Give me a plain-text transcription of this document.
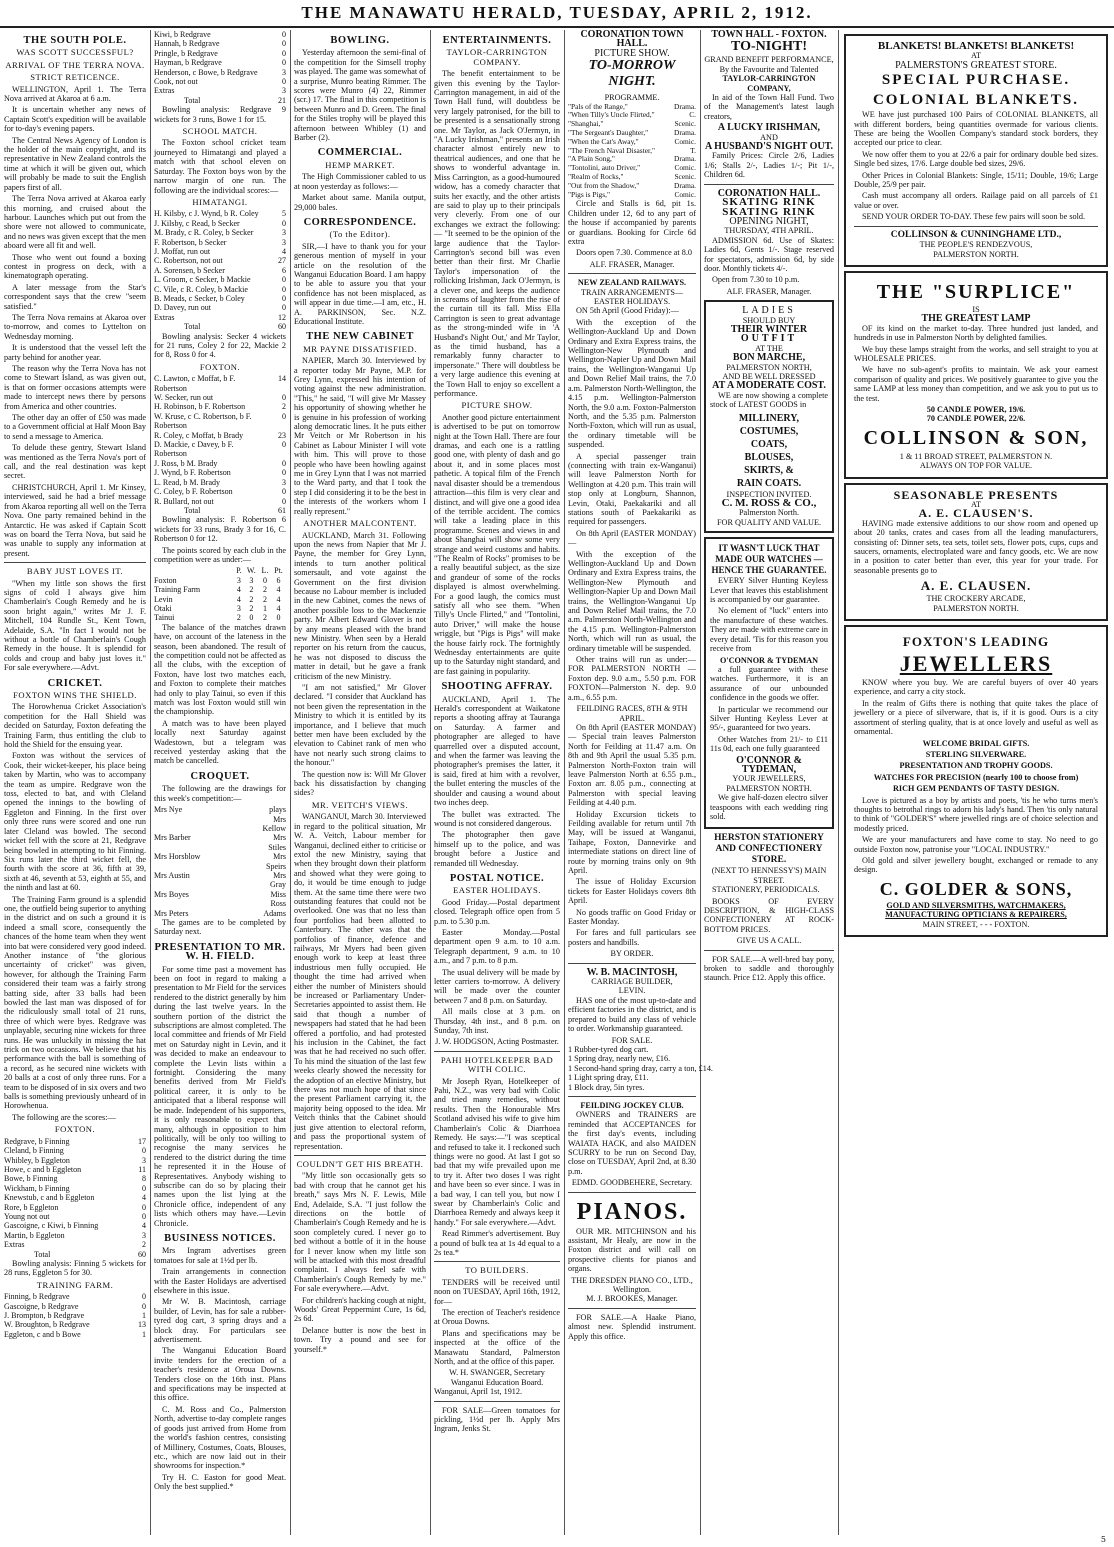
THE MANAWATU HERALD, TUESDAY, APRIL 2, 1912.
THE SOUTH POLE.
WAS SCOTT SUCCESSFUL?
ARRIVAL OF THE TERRA NOVA.
STRICT RETICENCE.

WELLINGTON, April 1. The Terra Nova arrived at Akaroa at 6 a.m.

It is uncertain whether any news of Captain Scott's expedition will be available for to-day's evening papers.

The Central News Agency of London is the holder of the main copyright, and its representative in New Zealand controls the time at which it will be given out, which will probably be made to suit the English papers first of all.

The Terra Nova arrived at Akaroa early this morning, and cruised about the harbour. Launches which put out from the shore were not allowed to communicate, and no news was given except that the men aboard were all fit and well.

Those who went out found a boxing contest in progress on deck, with a kinematograph operating.

A later message from the Star's correspondent says that the crew "seem satisfied."

The Terra Nova remains at Akaroa over to-morrow, and comes to Lyttelton on Wednesday morning.

It is understood that the vessel left the party behind for another year.

The reason why the Terra Nova has not come to Stewart Island, as was given out, is that on former occasions attempts were made to intercept news there by persons from America and other countries.

The other day an offer of £50 was made to a Government official at Half Moon Bay to send a message to America.

To delude these gentry, Stewart Island was mentioned as the Terra Nova's port of call, and the real destination was kept secret.

CHRISTCHURCH, April 1. Mr Kinsey, interviewed, said he had a brief message from Akaroa reporting all well on the Terra Nova. One party remained behind in the Antarctic. He was asked if Captain Scott was on board the Terra Nova, but said he was unable to supply any information at present.

BABY JUST LOVES IT.

"When my little son shows the first signs of cold I always give him Chamberlain's Cough Remedy and he is soon bright again," writes Mr J. F. Mitchell, 104 Rundle St., Kent Town, Adelaide, S.A. "In fact I would not be without a bottle of Chamberlain's Cough Remedy in the house. It is splendid for colds and croup and baby just loves it." For sale everywhere.—Advt.

CRICKET.
FOXTON WINS THE SHIELD.

The Horowhenua Cricket Association's competition for the Hall Shield was decided on Saturday, Foxton defeating the Training Farm, thus entitling the club to hold the Shield for the ensuing year.

Foxton was without the services of Cook, their wicket-keeper, his place being taken by Martin, who was to accompany the team as umpire. Redgrave won the toss, elected to bat, and with Cleland opened the innings to the bowling of Eggleton and Finning. In the first over only three runs were scored and one run later Cleland was bowled. The second wicket fell with the score at 21, Redgrave being bowled in attempting to hit Finning. Six runs later the third wicket fell, the fourth with the score at 36, fifth at 39, sixth at 46, seventh at 53, eighth at 55, and the ninth and last at 60.

The Training Farm ground is a splendid one, the outfield being superior to anything in the district and on such a ground it is indeed a small score, consequently the chances of the home team when they went into bat were considered very good indeed. Another instance of "the glorious uncertainty of cricket" was given, however, for although the Training Farm considered their team was a fairly strong batting side, after 33 balls had been bowled the last man was disposed of for the ridiculously small total of 21 runs, three of which were byes. Redgrave was unplayable, securing nine wickets for three runs. He was unluckily in missing the hat trick on two occasions. We believe that his performance with the ball is something of a record, as he secured nine wickets with 20 balls at a cost of only three runs. For a team to be disposed of in six overs and two balls is something previously unheard of in Horowhenua.

The following are the scores:—

FOXTON.
Redgrave, b Finning	17
Cleland, b Finning	0
Whibley, b Eggleton	3
Howe, c and b Eggleton	11
Bowe, b Finning	8
Wickham, b Finning	0
Knewstub, c and b Eggleton	4
Rore, b Eggleton	0
Young not out	0
Gascoigne, c Kiwi, b Finning	4
Martin, b Eggleton	3
Extras	2
Total	60

Bowling analysis: Finning 5 wickets for 28 runs, Eggleton 5 for 30.

TRAINING FARM.
Finning, b Redgrave	0
Gascoigne, b Redgrave	0
J. Brompton, b Redgrave	1
W. Broughton, b Redgrave	13
Eggleton, c and b Bowe	1
Kiwi, b Redgrave	0
Hannah, b Redgrave	0
Pringle, b Redgrave	0
Hayman, b Redgrave	0
Henderson, c Bowe, b Redgrave	3
Cook, not out	0
Extras	3
Total	21

Bowling analysis: Redgrave 9 wickets for 3 runs, Bowe 1 for 15.

SCHOOL MATCH.

The Foxton school cricket team journeyed to Himatangi and played a match with that school eleven on Saturday. The Foxton boys won by the narrow margin of one run. The following are the individual scores:—

HIMATANGI.
H. Kilsby, c J. Wynd, b R. Coley	5
J. Kilsby, c Read, b Secker	0
M. Brady, c R. Coley, b Secker	3
F. Robertson, b Secker	3
J. Moffat, run out	4
C. Robertson, not out	27
A. Sorensen, b Secker	6
L. Groom, c Secker, b Mackie	0
C. Vile, c R. Coley, b Mackie	0
B. Meads, c Secker, b Coley	0
D. Davey, run out	0
Extras	12
Total	60

Bowling analysis: Secker 4 wickets for 21 runs, Coley 2 for 22, Mackie 2 for 8, Ross 0 for 4.

FOXTON.
C. Lawton, c Moffat, b F. Robertson	14
W. Secker, run out	0
H. Robinson, b F. Robertson	2
W. Kruse, c C. Robertson, b F. Robertson	0
R. Coley, c Moffat, b Brady	23
D. Mackie, c Davey, b F. Robertson	0
J. Ross, b M. Brady	0
J. Wynd, b F. Robertson	0
L. Read, b M. Brady	3
C. Coley, b F. Robertson	0
R. Bullard, not out	0
Total	61

Bowling analysis: F. Robertson 6 wickets for 33 runs, Brady 3 for 16, C. Robertson 0 for 12.

The points scored by each club in the competition were as under:—

	P.	W.	L.	Pt.
Foxton	3	3	0	6
Training Farm	4	2	2	4
Levin	4	2	2	4
Otaki	3	2	1	4
Tainui	2	0	2	0

The balance of the matches drawn have, on account of the lateness in the season, been abandoned. The result of the competition could not be affected as all the clubs, with the exception of Foxton, have lost two matches each, and Foxton to complete their matches had only to play Tainui, so even if this match was lost Foxton would still win the championship.

A match was to have been played locally next Saturday against Wadestown, but a telegram was received yesterday asking that the match be cancelled.

CROQUET.

The following are the drawings for this week's competition:—

Mrs Nye	plays Mrs Kellow
Mrs Barber	Mrs Stiles
Mrs Horsblow	Mrs Speirs
Mrs Austin	Mrs Gray
Mrs Boyes	Miss Ross
Mrs Peters	Adams

The games are to be completed by Saturday next.

PRESENTATION TO MR. W. H. FIELD.

For some time past a movement has been on foot in regard to making a presentation to Mr Field for the services rendered to the district generally by him during the last twelve years. In the southern portion of the district the subscriptions are almost completed. The local committee and friends of Mr Field met on Saturday night in Levin, and it was decided to make an endeavour to complete the Levin lists within a fortnight. Considering the many benefits derived from Mr Field's political career, it is only to be anticipated that a liberal response will be made. Independent of his supporters, it is only reasonable to expect that many, although in opposition to him politically, will be only too willing to recognise the many services he rendered to the district during the time he represented it in the House of Representatives. Anybody wishing to subscribe can do so by placing their names upon the list lying at the Chronicle office, independent of any lists which others may have.—Levin Chronicle.

BUSINESS NOTICES.

Mrs Ingram advertises green tomatoes for sale at 1½d per lb.

Train arrangements in connection with the Easter Holidays are advertised elsewhere in this issue.

Mr W. B. Macintosh, carriage builder, of Levin, has for sale a rubber-tyred dog cart, 3 spring drays and a block dray. For particulars see advertisement.

The Wanganui Education Board invite tenders for the erection of a teacher's residence at Oroua Downs. Tenders close on the 16th inst. Plans and specifications may be inspected at this office.

C. M. Ross and Co., Palmerston North, advertise to-day complete ranges of goods just arrived from Home from the world's fashion centres, consisting of Millinery, Costumes, Coats, Blouses, etc., which are now laid out in their showrooms for inspection.*

Try H. C. Easton for good Meat. Only the best supplied.*

BOWLING.

Yesterday afternoon the semi-final of the competition for the Simsell trophy was played. The game was somewhat of a surprise, Munro beating Rimmer. The scores were Munro (4) 22, Rimmer (scr.) 17. The final in this competition is between Munro and D. Green. The final for the Stiles trophy will be played this afternoon between Whibley (1) and Barber (2).

COMMERCIAL.
HEMP MARKET.

The High Commissioner cabled to us at noon yesterday as follows:—

Market about same. Manila output, 29,000 bales.

CORRESPONDENCE.
(To the Editor).

SIR,—I have to thank you for your generous mention of myself in your article on the resolution of the Wanganui Education Board. I am happy to be able to assure you that your confidence has not been misplaced, as will appear in due time.—I am, etc., H. A. PARKINSON, Sec. N.Z. Educational Institute.

THE NEW CABINET
MR PAYNE DISSATISFIED.

NAPIER, March 30. Interviewed by a reporter today Mr Payne, M.P. for Grey Lynn, expressed his intention of voting against the new administration. "This," he said, "I will give Mr Massey his opportunity of showing whether he is genuine in his profession of working along democratic lines. It he puts either Mr Veitch or Mr Robertson in his Cabinet as Labour Minister I will vote with him. This will prove to those people who have been howling against me in Grey Lynn that I was not married to the Ward party, and that I took the step I did considering it to be the best in the interests of the workers whom I really represent."

ANOTHER MALCONTENT.

AUCKLAND, March 31. Following upon the news from Napier that Mr J. Payne, the member for Grey Lynn, intends to turn another political somersault, and vote against the Government on the first division because no Labour member is included in the new Cabinet, comes the news of another possible loss to the Mackenzie party. Mr Albert Edward Glover is not by any means pleased with the brand new Ministry. When seen by a Herald reporter on his return from the caucus, he was not disposed to discuss the matter in detail, but he gave a frank criticism of the new Ministry.

"I am not satisfied," Mr Glover declared. "I consider that Auckland has not been given the representation in the Ministry to which it is entitled by its importance, and I believe that much better men have been excluded by the elevation to Cabinet rank of men who have not nearly such strong claims to the honour."

The question now is: Will Mr Glover back his dissatisfaction by changing sides?

MR. VEITCH'S VIEWS.

WANGANUI, March 30. Interviewed in regard to the political situation, Mr W. A. Veitch, Labour member for Wanganui, declined either to criticise or extol the new Ministry, saying that when they brought down their platform and showed what they were going to do, it would be time enough to judge them. At the same time there were two outstanding features that could not be overlooked. One was that no less than four portfolios had been allotted to Canterbury. The other was that the portfolios of finance, defence and railways, Mr Myers had been given enough work to keep at least three industrious men fully occupied. He thought the time had arrived when either the number of Ministers should be increased or Parliamentary Under-Secretaries appointed to assist them. He said that though a number of newspapers had stated that he had been offered a portfolio, and had protested his inclusion in the Cabinet, the fact was that he had received no such offer. To his mind the situation of the last few weeks clearly showed the necessity for the adoption of an elective Ministry, but there was not much hope of that since the present Parliament carrying it, the majority being opposed to the idea. Mr Veitch thinks that the Cabinet should just give attention to electoral reform, and pass the proportional system of representation.

COULDN'T GET HIS BREATH.

"My little son occasionally gets so bad with croup that he cannot get his breath," says Mrs N. F. Lewis, Mile End, Adelaide, S.A. "I just follow the directions on the bottle of Chamberlain's Cough Remedy and he is soon completely cured. I never go to bed without a bottle of it in the house for I never know when my little son will be attacked with this most dreadful complaint. I always feel safe with Chamberlain's Cough Remedy by me." For sale everywhere.—Advt.

For children's hacking cough at night, Woods' Great Peppermint Cure, 1s 6d, 2s 6d.

Delance butter is now the best in town. Try a pound and see for yourself.*

ENTERTAINMENTS.
TAYLOR-CARRINGTON COMPANY.

The benefit entertainment to be given this evening by the Taylor-Carrington management, in aid of the Town Hall fund, will doubtless be very largely patronised, for the bill to be presented is a sensationally strong one. Mr Taylor, as Jack O'Jermyn, in "A Lucky Irishman," presents an Irish character almost entirely new to theatrical audiences, and one that he shows to wonderful advantage in. Miss Carrington, as a good-humoured widow, has a comedy character that suits her exactly, and the other artists are said to play up to their principals very cleverly. From one of our exchanges we extract the following:— "It seemed to be the opinion of the large audience that the Taylor-Carrington's second bill was even better than their first. Mr Charlie Taylor's impersonation of the rollicking Irishman, Jack O'Jermyn, is a clever one, and keeps the audience in screams of laughter from the rise of the curtain till its fall. Miss Ella Carrington is seen to great advantage as the strong-minded wife in 'A Husband's Night Out,' and Mr Taylor, as the timid husband, has a remarkably funny character to impersonate." There will doubtless be a very large audience this evening at the Town Hall to enjoy so excellent a performance.

PICTURE SHOW.

Another good picture entertainment is advertised to be put on tomorrow night at the Town Hall. There are four dramas, and each one is a rattling good one, with plenty of dash and go about it, and in some places most pathetic. A topical film of the French naval disaster should be a tremendous attraction—this film is very clear and distinct, and will give one a good idea of the terrible accident. The comics will take a leading place in this programme. Scenes and views in and about Shanghai will show some very strange and weird customs and habits. "The Realm of Rocks" promises to be a really beautiful subject, as the size and grandeur of some of the rocks displayed is almost overwhelming. For a good laugh, the comics must satisfy all who see them. "When Tilly's Uncle Flirted," and "Tontolini, auto Driver," will make the house wriggle, but "Pigs is Pigs" will make the house fairly rock. The fortnightly Wednesday entertainments are quite up to the Saturday night standard, and are fast gaining in popularity.

SHOOTING AFFRAY.

AUCKLAND, April 1. The Herald's correspondent at Waikatone reports a shooting affray at Tauranga on Saturday. A farmer and photographer are alleged to have quarrelled over a disputed account, and when the farmer was leaving the photographer's premises the latter, it is said, fired at him with a revolver, the bullet entering the muscles of the shoulder and causing a wound about two inches deep.

The bullet was extracted. The wound is not considered dangerous.

The photographer then gave himself up to the police, and was brought before a Justice and remanded till Wednesday.

POSTAL NOTICE.
EASTER HOLIDAYS.

Good Friday.—Postal department closed. Telegraph office open from 5 p.m. to 5.30 p.m.

Easter Monday.—Postal department open 9 a.m. to 10 a.m. Telegraph department, 9 a.m. to 10 a.m., and 7 p.m. to 8 p.m.

The usual delivery will be made by letter carriers to-morrow. A delivery will be made over the counter between 7 and 8 p.m. on Saturday.

All mails close at 3 p.m. on Thursday, 4th inst., and 8 p.m. on Sunday, 7th inst.

J. W. HODGSON, Acting Postmaster.
PAHI HOTELKEEPER BAD WITH COLIC.

Mr Joseph Ryan, Hotelkeeper of Pahi, N.Z., was very bad with Colic and tried many remedies, without results. Then the Honourable Mrs Scotland advised his wife to give him Chamberlain's Colic & Diarrhoea Remedy. He says:—"I was sceptical and refused to take it. I reckoned such things were no good. At last I got so bad that my wife prevailed upon me to try it. After two doses I was right and have been so ever since. I was in a bad way, I can tell you, but now I swear by Chamberlain's Colic and Diarrhoea Remedy and always keep it handy." For sale everywhere.—Advt.

Read Rimmer's advertisement. Buy a pound of bulk tea at 1s 4d equal to a 2s tea.*

TO BUILDERS.

TENDERS will be received until noon on TUESDAY, April 16th, 1912, for—

The erection of Teacher's residence at Oroua Downs.

Plans and specifications may be inspected at the office of the Manawatu Standard, Palmerston North, and at the office of this paper.

W. H. SWANGER, Secretary Wanganui Education Board.
Wanganui, April 1st, 1912.

FOR SALE—Green tomatoes for pickling, 1½d per lb. Apply Mrs Ingram, Jenks St.

CORONATION TOWN HALL.
PICTURE SHOW.
TO-MORROW NIGHT.
PROGRAMME.
"Pals of the Range,"	Drama.
"When Tilly's Uncle Flirted,"	C.
"Shanghai,"	Scenic.
"The Sergeant's Daughter,"	Drama.
"When the Cat's Away,"	Comic.
"The French Naval Disaster,"	T.
"A Plain Song,"	Drama.
"Tontolini, auto Driver,"	Comic.
"Realm of Rocks,"	Scenic.
"Out from the Shadow,"	Drama.
"Pigs is Pigs,"	Comic.

Circle and Stalls is 6d, pit 1s. Children under 12, 6d to any part of the house if accompanied by parents or guardians. Booking for Circle 6d extra

Doors open 7.30. Commence at 8.0

ALF. FRASER, Manager.
NEW ZEALAND RAILWAYS.
TRAIN ARRANGEMENTS—EASTER HOLIDAYS.

ON 5th April (Good Friday):—

With the exception of the Wellington-Auckland Up and Down Ordinary and Extra Express trains, the Wellington-New Plymouth and Wellington-Napier Up and Down Mail trains, the Wellington-Wanganui Up and Down Relief Mail trains, the 7.0 a.m. Palmerston North-Wellington, the 4.15 p.m. Wellington-Palmerston North, the 9.0 a.m. Foxton-Palmerston North, and the 5.35 p.m. Palmerston North-Foxton, which will run as usual, the ordinary timetable will be suspended.

A special passenger train (connecting with train ex-Wanganui) will leave Palmerston North for Wellington at 4.20 p.m. This train will stop only at Longburn, Shannon, Levin, Otaki, Paekakariki and all stations south of Paekakariki as required for passengers.

On 8th April (EASTER MONDAY)—

With the exception of the Wellington-Auckland Up and Down Ordinary and Extra Express trains, the Wellington-New Plymouth and Wellington-Napier Up and Down Mail trains, the Wellington-Wanganui Up and Down Relief Mail trains, the 7.0 a.m. Palmerston North-Wellington and the 4.15 p.m. Wellington-Palmerston North, which will run as usual, the ordinary timetable will be suspended.

Other trains will run as under:— FOR PALMERSTON NORTH —Foxton dep. 9.0 a.m., 5.50 p.m. FOR FOXTON—Palmerston N. dep. 9.0 a.m., 6.55 p.m.

FEILDING RACES, 8TH & 9TH APRIL.

On 8th April (EASTER MONDAY)— Special train leaves Palmerston North for Feilding at 11.47 a.m. On 8th and 9th April the usual 5.35 p.m. Palmerston North-Foxton train will leave Palmerston North at 6.55 p.m., Foxton arr. 8.05 p.m., connecting at Palmerston with special leaving Feilding at 4.40 p.m.

Holiday Excursion tickets to Feilding available for return until 7th May, will be issued at Wanganui, Taihape, Foxton, Dannevirke and intermediate stations on direct line of route by morning trains only on 9th April.

The issue of Holiday Excursion tickets for Easter Holidays covers 8th April.

No goods traffic on Good Friday or Easter Monday.

For fares and full particulars see posters and handbills.

BY ORDER.
W. B. MACINTOSH,
CARRIAGE BUILDER,
LEVIN.

HAS one of the most up-to-date and efficient factories in the district, and is prepared to build any class of vehicle to order. Workmanship guaranteed.

FOR SALE.
1 Rubber-tyred dog cart.
1 Spring dray, nearly new, £16.
1 Second-hand spring dray, carry a ton, £14.
1 Light spring dray, £11.
1 Block dray, 5in tyres.
FEILDING JOCKEY CLUB.

OWNERS and TRAINERS are reminded that ACCEPTANCES for the first day's events, including WAIATA HACK, and also MAIDEN SCURRY to be run on Second Day, close on TUESDAY, April 2nd, at 8.30 p.m.

EDMD. GOODBEHERE, Secretary.
PIANOS.

OUR MR. MITCHINSON and his assistant, Mr Healy, are now in the Foxton district and will call on prospective clients for pianos and organs.

THE DRESDEN PIANO CO., LTD., Wellington.
M. J. BROOKES, Manager.

FOR SALE.—A Haake Piano, almost new. Splendid instrument. Apply this office.

TOWN HALL - FOXTON.
TO-NIGHT!
GRAND BENEFIT PERFORMANCE,
By the Favourite and Talented
TAYLOR-CARRINGTON COMPANY,

In aid of the Town Hall Fund. Two of the Management's latest laugh creators,

A LUCKY IRISHMAN,
AND
A HUSBAND'S NIGHT OUT.

Family Prices: Circle 2/6, Ladies 1/6; Stalls 2/-, Ladies 1/-; Pit 1/-, Children 6d.

CORONATION HALL.
SKATING RINK
SKATING RINK
OPENING NIGHT,
THURSDAY, 4TH APRIL.

ADMISSION 6d. Use of Skates: Ladies 6d, Gents 1/-. Stage reserved for spectators, admission 6d, by side door. Monthly tickets 4/-.

Open from 7.30 to 10 p.m.

ALF. FRASER, Manager.
LADIES
SHOULD BUY
THEIR WINTER
OUTFIT
AT THE
BON MARCHE,
PALMERSTON NORTH,
AND BE WELL DRESSED
AT A MODERATE COST.

WE are now showing a complete stock of LATEST GOODS in

MILLINERY,
COSTUMES,
COATS,
BLOUSES,
SKIRTS, &
RAIN COATS.
INSPECTION INVITED.
C. M. ROSS & CO.,
Palmerston North.
FOR QUALITY AND VALUE.
IT WASN'T LUCK THAT MADE OUR WATCHES — HENCE THE GUARANTEE.

EVERY Silver Hunting Keyless Lever that leaves this establishment is accompanied by our guarantee.

No element of "luck" enters into the manufacture of these watches. They are made with extreme care in every detail. 'Tis for this reason you receive from

O'CONNOR & TYDEMAN

a full guarantee with these watches. Furthermore, it is an assurance of our unbounded confidence in the goods we offer.

In particular we recommend our Silver Hunting Keyless Lever at 95/-, guaranteed for two years.

Other Watches from 21/- to £11 11s 0d, each one fully guaranteed

O'CONNOR & TYDEMAN,
YOUR JEWELLERS,
PALMERSTON NORTH.

We give half-dozen electro silver teaspoons with each wedding ring sold.

HERSTON STATIONERY AND CONFECTIONERY STORE.
(NEXT TO HENNESSY'S) MAIN STREET.

STATIONERY, PERIODICALS.

BOOKS OF EVERY DESCRIPTION, & HIGH-CLASS CONFECTIONERY AT ROCK-BOTTOM PRICES.

GIVE US A CALL.

FOR SALE.—A well-bred bay pony, broken to saddle and thoroughly staunch. Price £12. Apply this office.

BLANKETS! BLANKETS! BLANKETS!
AT
PALMERSTON'S GREATEST STORE.
SPECIAL PURCHASE.
COLONIAL BLANKETS.

WE have just purchased 100 Pairs of COLONIAL BLANKETS, all with different borders, being quantities overmade for various clients. These are being the Woollen Company's standard stock borders, they accepted our price to clear.

We now offer them to you at 22/6 a pair for ordinary double bed sizes. Single bed sizes, 17/6. Large double bed sizes, 29/6.

Other Prices in Colonial Blankets: Single, 15/11; Double, 19/6; Large Double, 25/9 per pair.

Cash must accompany all orders. Railage paid on all parcels of £1 value or over.

SEND YOUR ORDER TO-DAY. These few pairs will soon be sold.

COLLINSON & CUNNINGHAME LTD.,
THE PEOPLE'S RENDEZVOUS,
PALMERSTON NORTH.
THE "SURPLICE"
IS
THE GREATEST LAMP

OF its kind on the market to-day. Three hundred just landed, and hundreds in use in Palmerston North by delighted families.

We buy these lamps straight from the works, and sell straight to you at WHOLESALE PRICES.

We have no sub-agent's profits to maintain. We ask your earnest comparison of quality and prices. We positively guarantee to give you the same LAMP at less money than competition, and we ask you to put us to the test.

50 CANDLE POWER, 19/6.
70 CANDLE POWER, 22/6.
COLLINSON & SON,
1 & 11 BROAD STREET, PALMERSTON N.
ALWAYS ON TOP FOR VALUE.
SEASONABLE PRESENTS
AT
A. E. CLAUSEN'S.

HAVING made extensive additions to our show room and opened up about 20 tanks, crates and cases from all the leading manufacturers, consisting of: Dinner sets, tea sets, toilet sets, flower pots, cups, cups and saucers, ornaments, electroplated ware and fancy goods, etc. We are now in a position to cater better than ever, this year for your trade. For seasonable presents go to

A. E. CLAUSEN.
THE CROCKERY ARCADE,
PALMERSTON NORTH.
FOXTON'S LEADING
JEWELLERS

KNOW where you buy. We are careful buyers of over 40 years experience, and carry a city stock.

In the realm of Gifts there is nothing that quite takes the place of jewellery or a piece of silverware, that is, if it is good. Ours is a city assortment of sterling quality, that is at once lovely and useful as well as ornamental.

WELCOME BRIDAL GIFTS.
STERLING SILVERWARE.
PRESENTATION AND TROPHY GOODS.
WATCHES FOR PRECISION (nearly 100 to choose from)
RICH GEM PENDANTS OF TASTY DESIGN.

Love is pictured as a boy by artists and poets, 'tis he who turns men's thoughts to betrothal rings to adorn his lady's hand. Then 'tis only natural to think of "GOLDER'S" where jewelled rings are of choice selection and modestly priced.

We are your manufacturers and have come to stay. No need to go outside Foxton now, patronise your "LOCAL INDUSTRY."

Old gold and silver jewellery bought, exchanged or remade to any design.

C. GOLDER & SONS,
GOLD AND SILVERSMITHS, WATCHMAKERS, MANUFACTURING OPTICIANS & REPAIRERS,
MAIN STREET, - - - FOXTON.
5
